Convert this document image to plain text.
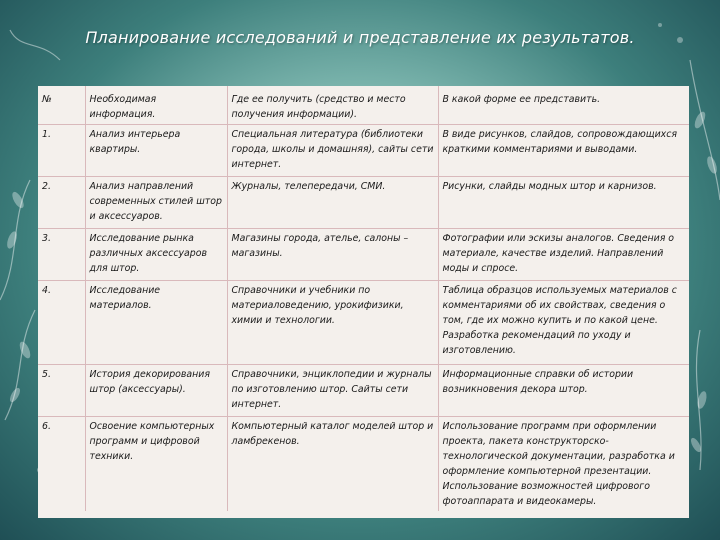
Планирование исследований и представление их результатов.
№	Необходимая информация.	Где ее получить (средство и место получения информации).	В какой форме ее представить.
1.	Анализ интерьера квартиры.	Специальная литература (библиотеки города, школы и домашняя), сайты сети интернет.	В виде рисунков, слайдов, сопровождающихся краткими комментариями и выводами.
2.	Анализ направлений современных стилей штор и аксессуаров.	Журналы, телепередачи, СМИ.	Рисунки, слайды модных штор и карнизов.
3.	Исследование рынка различных аксессуаров для штор.	Магазины города, ателье, салоны – магазины.	Фотографии или эскизы аналогов. Сведения о материале, качестве изделий. Направлений моды и спросе.
4.	Исследование материалов.	Справочники и учебники по материаловедению, урокифизики, химии и технологии.	Таблица образцов используемых материалов с комментариями об их свойствах, сведения о том, где их можно купить и по какой цене. Разработка рекомендаций по уходу и изготовлению.
5.	История декорирования штор (аксессуары).	Справочники, энциклопедии и журналы по изготовлению штор. Сайты сети интернет.	Информационные справки об истории возникновения декора штор.
6.	Освоение компьютерных программ и цифровой техники.	Компьютерный каталог моделей штор и ламбрекенов.	Использование программ при оформлении проекта, пакета конструкторско-технологической документации, разработка и оформление компьютерной презентации. Использование возможностей цифрового фотоаппарата и видеокамеры.
